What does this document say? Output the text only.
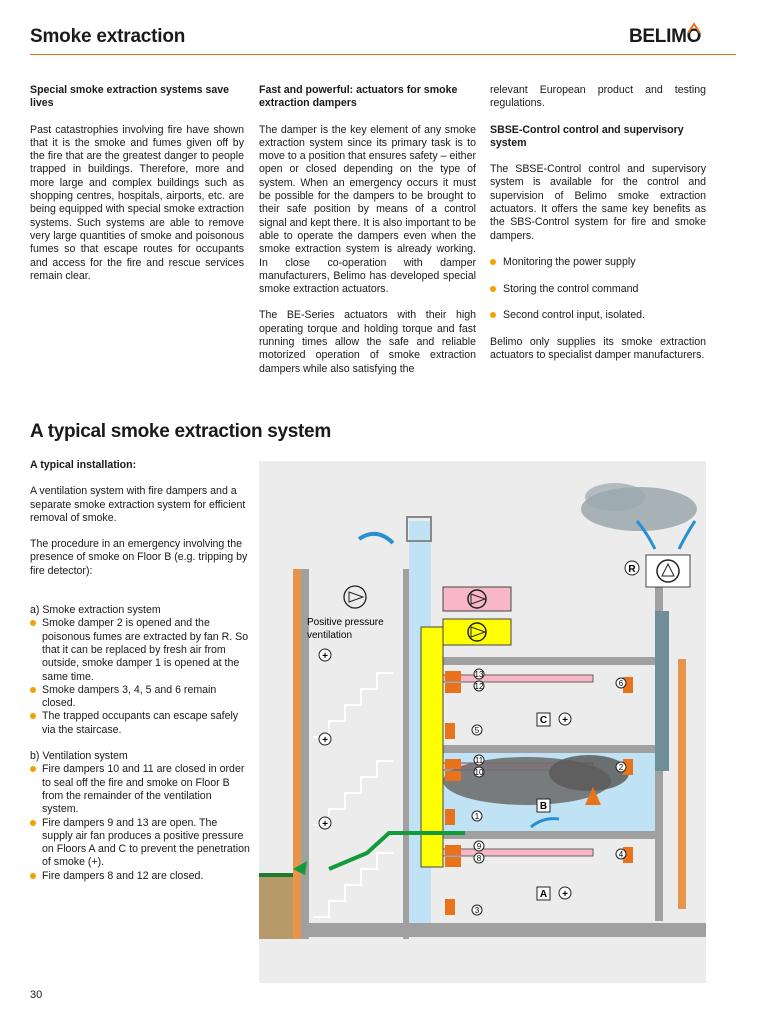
Smoke extraction	BELIMO
Special smoke extraction systems save lives

Past catastrophies involving fire have shown that it is the smoke and fumes given off by the fire that are the greatest danger to people trapped in buildings. Therefore, more and more large and complex buildings such as shopping centres, hospitals, airports, etc. are being equipped with special smoke extraction systems. Such systems are able to remove very large quantities of smoke and poisonous fumes so that escape routes for occupants and access for the fire and rescue services remain clear.

Fast and powerful: actuators for smoke extraction dampers

The damper is the key element of any smoke extraction system since its primary task is to move to a position that ensures safety – either open or closed depending on the type of system. When an emergency occurs it must be possible for the dampers to be brought to their safe position by means of a control signal and kept there. It is also important to be able to operate the dampers even when the smoke extraction system is already working. In close co-operation with damper manufacturers, Belimo has developed special smoke extraction actuators.

The BE-Series actuators with their high operating torque and holding torque and fast running times allow the safe and reliable motorized operation of smoke extraction dampers while also satisfying the

relevant European product and testing regulations.

SBSE-Control control and supervisory system

The SBSE-Control control and supervisory system is available for the control and supervision of Belimo smoke extraction actuators. It offers the same key benefits as the SBS-Control system for fire and smoke dampers.

Monitoring the power supply
Storing the control command
Second control input, isolated.

Belimo only supplies its smoke extraction actuators to specialist damper manufacturers.

A typical smoke extraction system
A typical installation:

A ventilation system with fire dampers and a separate smoke extraction system for efficient removal of smoke.

The procedure in an emergency involving the presence of smoke on Floor B (e.g. tripping by fire detector):

a) Smoke extraction system
Smoke damper 2 is opened and the poisonous fumes are extracted by fan R. So that it can be replaced by fresh air from outside, smoke damper 1 is opened at the same time.
Smoke dampers 3, 4, 5 and 6 remain closed.
The trapped occupants can escape safely via the staircase.
b) Ventilation system
Fire dampers 10 and 11 are closed in order to seal off the fire and smoke on Floor B from the remainder of the ventilation system.
Fire dampers 9 and 13 are open. The supply air fan produces a positive pressure on Floors A and C to prevent the penetration of smoke (+).
Fire dampers 8 and 12 are closed.
R
Positive pressure
ventilation
+
+
+
C +
B
A +
13
12
11
10
9
8
5
1
3
6
2
4
30
